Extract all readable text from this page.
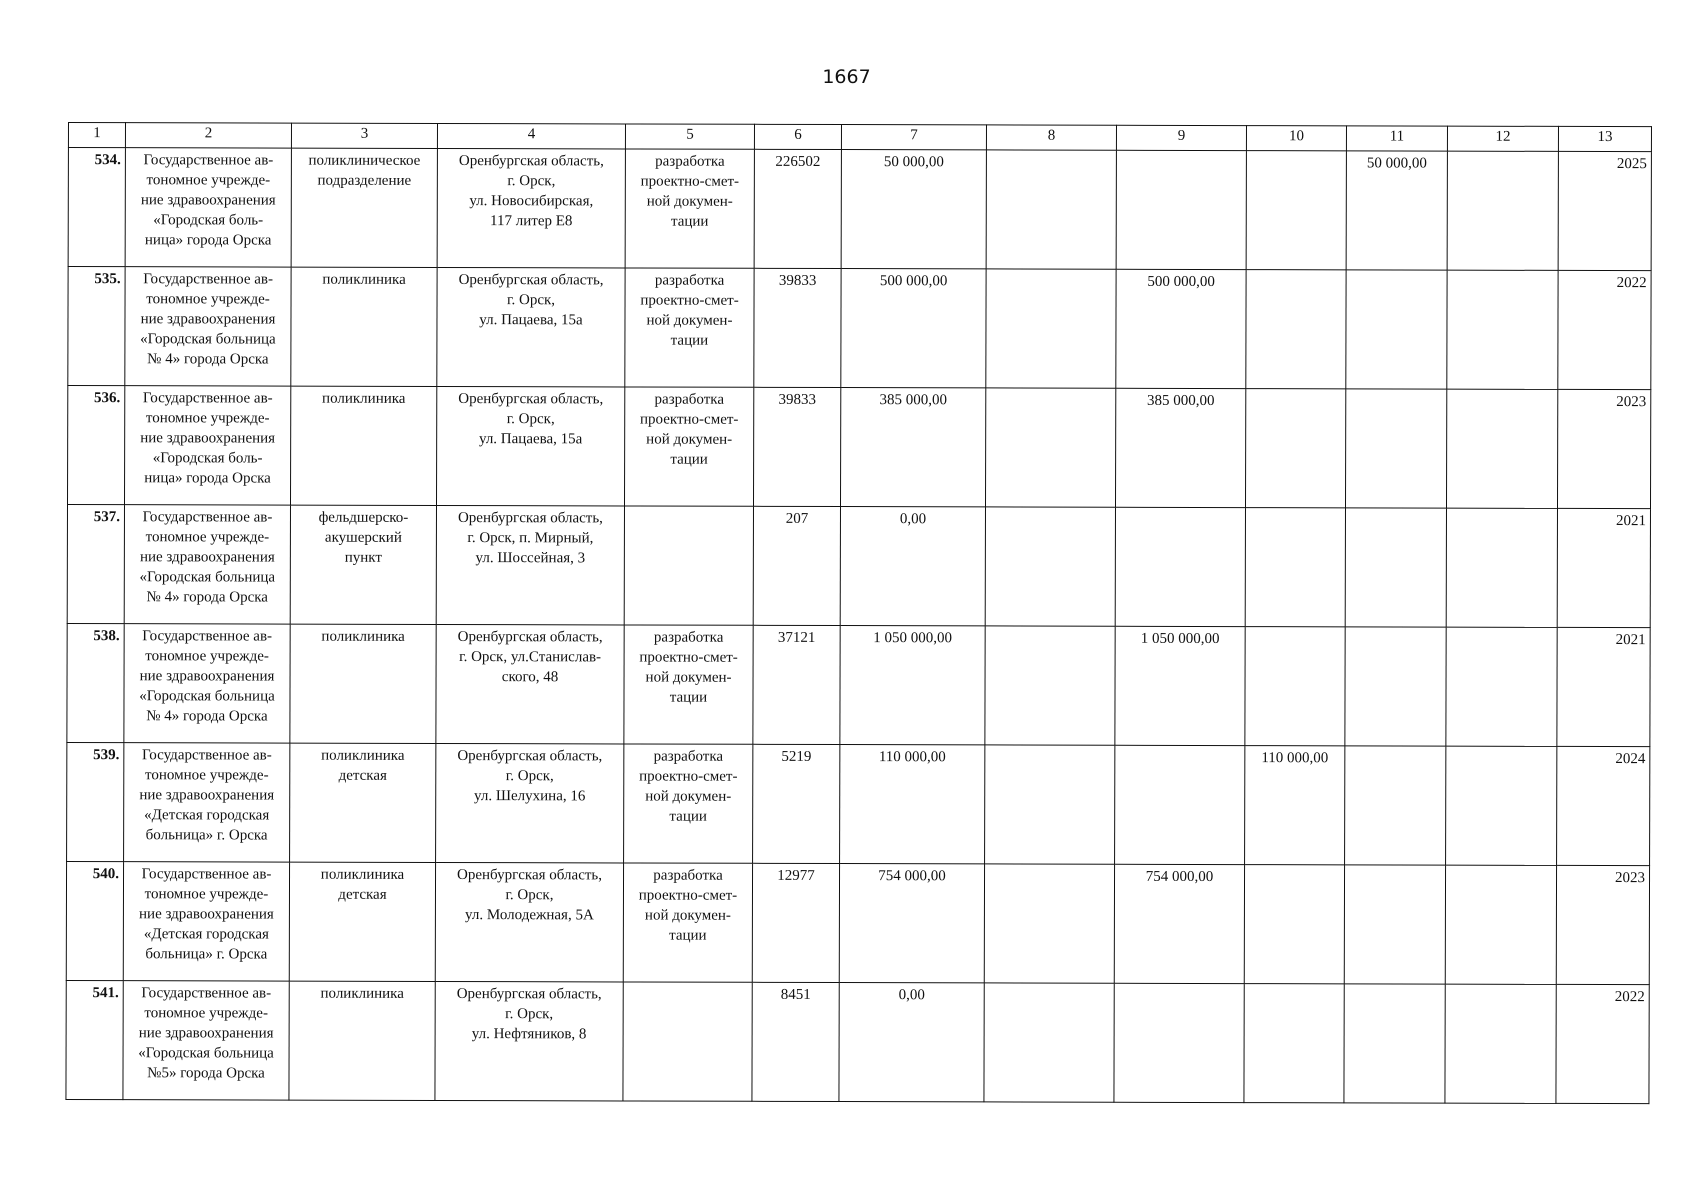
1667
1	2	3	4	5	6	7	8	9	10	11	12	13
534.	Государственное ав-
тономное учрежде-
ние здравоохранения
«Городская боль-
ница» города Орска	поликлиническое
подразделение	Оренбургская область,
г. Орск,
ул. Новосибирская,
117 литер Е8	разработка
проектно-смет-
ной докумен-
тации	226502	50 000,00				50 000,00		2025
535.	Государственное ав-
тономное учрежде-
ние здравоохранения
«Городская больница
№ 4» города Орска	поликлиника	Оренбургская область,
г. Орск,
ул. Пацаева, 15а	разработка
проектно-смет-
ной докумен-
тации	39833	500 000,00		500 000,00				2022
536.	Государственное ав-
тономное учрежде-
ние здравоохранения
«Городская боль-
ница» города Орска	поликлиника	Оренбургская область,
г. Орск,
ул. Пацаева, 15а	разработка
проектно-смет-
ной докумен-
тации	39833	385 000,00		385 000,00				2023
537.	Государственное ав-
тономное учрежде-
ние здравоохранения
«Городская больница
№ 4» города Орска	фельдшерско-
акушерский
пункт	Оренбургская область,
г. Орск, п. Мирный,
ул. Шоссейная, 3		207	0,00						2021
538.	Государственное ав-
тономное учрежде-
ние здравоохранения
«Городская больница
№ 4» города Орска	поликлиника	Оренбургская область,
г. Орск, ул.Станислав-
ского, 48	разработка
проектно-смет-
ной докумен-
тации	37121	1 050 000,00		1 050 000,00				2021
539.	Государственное ав-
тономное учрежде-
ние здравоохранения
«Детская городская
больница» г. Орска	поликлиника
детская	Оренбургская область,
г. Орск,
ул. Шелухина, 16	разработка
проектно-смет-
ной докумен-
тации	5219	110 000,00			110 000,00			2024
540.	Государственное ав-
тономное учрежде-
ние здравоохранения
«Детская городская
больница» г. Орска	поликлиника
детская	Оренбургская область,
г. Орск,
ул. Молодежная, 5А	разработка
проектно-смет-
ной докумен-
тации	12977	754 000,00		754 000,00				2023
541.	Государственное ав-
тономное учрежде-
ние здравоохранения
«Городская больница
№5» города Орска	поликлиника	Оренбургская область,
г. Орск,
ул. Нефтяников, 8		8451	0,00						2022
